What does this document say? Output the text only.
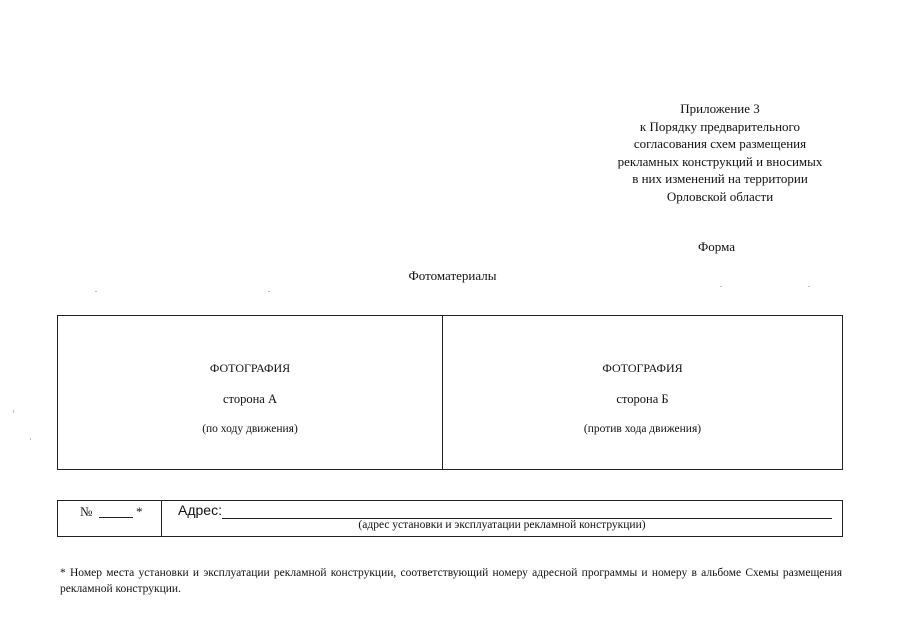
Приложение 3
к Порядку предварительного
согласования схем размещения
рекламных конструкций и вносимых
в них изменений на территории
Орловской области
Форма
Фотоматериалы
ФОТОГРАФИЯ
сторона А
(по ходу движения)
ФОТОГРАФИЯ
сторона Б
(против хода движения)
№	*	Адрес:
(адрес установки и эксплуатации рекламной конструкции)
* Номер места установки и эксплуатации рекламной конструкции, соответствующий номеру адресной программы и номеру в альбоме Схемы размещения рекламной конструкции.
